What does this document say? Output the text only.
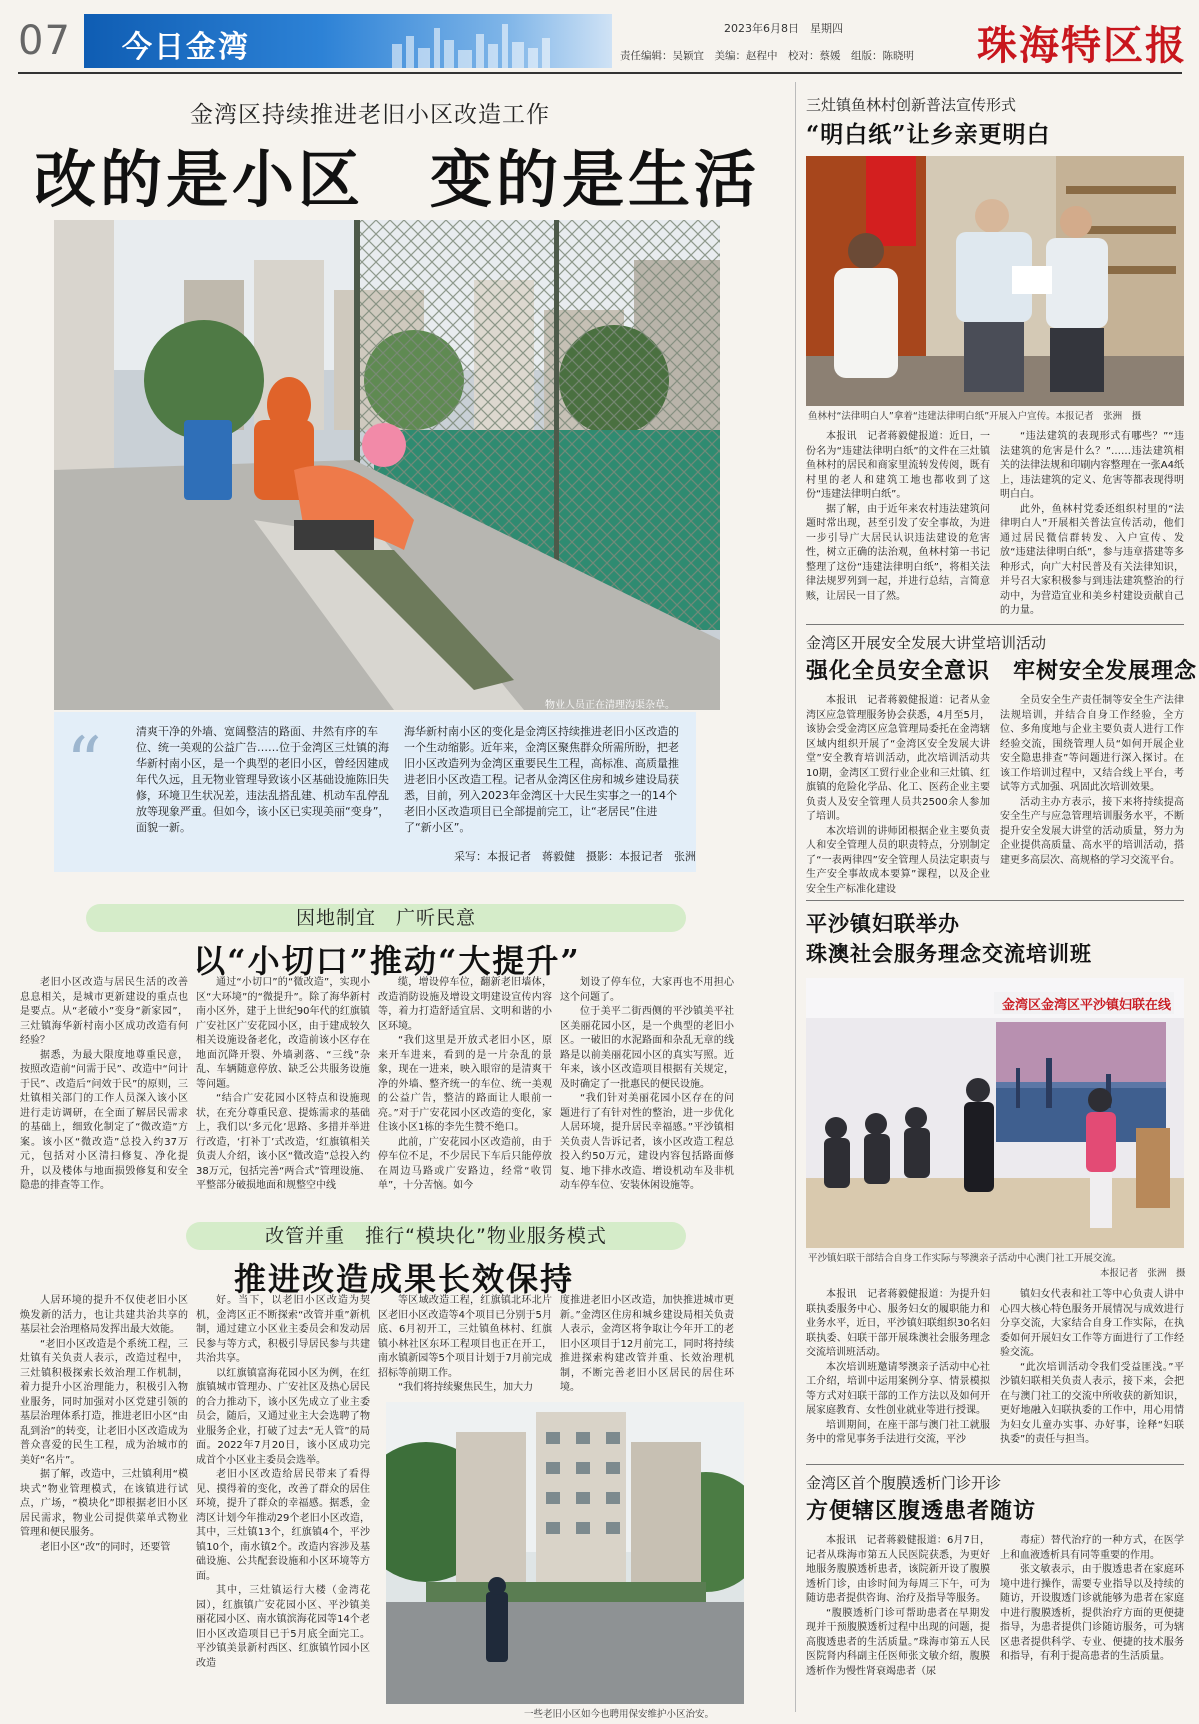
07 今日金湾
2023年6月8日　星期四
责任编辑：吴颖宜　美编：赵程中　校对：蔡媛　组版：陈晓明 珠海特区报
金湾区持续推进老旧小区改造工作
改的是小区　变的是生活
物业人员正在清理沟渠杂草。
“	清爽干净的外墙、宽阔整洁的路面、井然有序的车位、统一美观的公益广告……位于金湾区三灶镇的海华新村南小区，是一个典型的老旧小区，曾经因建成年代久远，且无物业管理导致该小区基础设施陈旧失修，环境卫生状况差，违法乱搭乱建、机动车乱停乱放等现象严重。但如今，该小区已实现美丽“变身”，面貌一新。
海华新村南小区的变化是金湾区持续推进老旧小区改造的一个生动缩影。近年来，金湾区聚焦群众所需所盼，把老旧小区改造列为金湾区重要民生工程，高标准、高质量推进老旧小区改造工程。记者从金湾区住房和城乡建设局获悉，目前，列入2023年金湾区十大民生实事之一的14个老旧小区改造项目已全部提前完工，让“老居民”住进了“新小区”。
采写：本报记者　蒋毅健　摄影：本报记者　张洲
因地制宜　广听民意
以“小切口”推动“大提升”
老旧小区改造与居民生活的改善息息相关，是城市更新建设的重点也是要点。从“老破小”变身“新家园”，三灶镇海华新村南小区成功改造有何经验？
据悉，为最大限度地尊重民意，按照改造前“问需于民”、改造中“问计于民”、改造后“问效于民”的原则，三灶镇相关部门的工作人员深入该小区进行走访调研，在全面了解居民需求的基础上，细致化制定了“微改造”方案。该小区“微改造”总投入约37万元，包括对小区清扫修复、净化提升，以及楼体与地面损毁修复和安全隐患的排查等工作。
通过“小切口”的“微改造”，实现小区“大环境”的“微提升”。除了海华新村南小区外，建于上世纪90年代的红旗镇广安社区广安花园小区，由于建成较久相关设施设备老化，改造前该小区存在地面沉降开裂、外墙剥落、“三线”杂乱、车辆随意停放、缺乏公共服务设施等问题。
“结合广安花园小区特点和设施现状，在充分尊重民意、提炼需求的基础上，我们以‘多元化’思路、多措并举进行改造，‘打补丁’式改造，‘红旗镇相关负责人介绍，该小区“微改造”总投入约38万元，包括完善“两合式”管理设施、平整部分破损地面和规整空中线
缆，增设停车位，翻新老旧墙体，改造消防设施及增设文明建设宣传内容等，着力打造舒适宜居、文明和谐的小区环境。
“我们这里是开放式老旧小区，原来开车进来，看到的是一片杂乱的景象，现在一进来，映入眼帘的是清爽干净的外墙、整齐统一的车位、统一美观的公益广告，整洁的路面让人眼前一亮。”对于广安花园小区改造的变化，家住该小区1栋的李先生赞不绝口。
此前，广安花园小区改造前，由于停车位不足，不少居民下车后只能停放在周边马路或广安路边，经常“收罚单”，十分苦恼。如今
划设了停车位，大家再也不用担心这个问题了。
位于美平二街西侧的平沙镇美平社区美丽花园小区，是一个典型的老旧小区。一破旧的水泥路面和杂乱无章的线路是以前美丽花园小区的真实写照。近年来，该小区改造项目根据有关规定，及时确定了一批惠民的便民设施。
“我们针对美丽花园小区存在的问题进行了有针对性的整治，进一步优化人居环境，提升居民幸福感。”平沙镇相关负责人告诉记者，该小区改造工程总投入约50万元，建设内容包括路面修复、地下排水改造、增设机动车及非机动车停车位、安装休闲设施等。
改管并重　推行“模块化”物业服务模式
推进改造成果长效保持
人居环境的提升不仅使老旧小区焕发新的活力，也让共建共治共享的基层社会治理格局发挥出最大效能。
“老旧小区改造是个系统工程，三灶镇有关负责人表示，改造过程中，三灶镇积极探索长效治理工作机制，着力提升小区治理能力，积极引入物业服务，同时加强对小区党建引领的基层治理体系打造，推进老旧小区“由乱到治”的转变，让老旧小区改造成为普众喜爱的民生工程，成为治城市的美好“名片”。
据了解，改造中，三灶镇利用“模块式”物业管理模式，在该镇进行试点，广场，“模块化”即根据老旧小区居民需求，物业公司提供菜单式物业管理和便民服务。
老旧小区“改”的同时，还要管
好。当下，以老旧小区改造为契机，金湾区正不断探索“改管并重”新机制，通过建立小区业主委员会和发动居民参与等方式，积极引导居民参与共建共治共享。
以红旗镇富海花园小区为例，在红旗镇城市管理办、广安社区及热心居民的合力推动下，该小区先成立了业主委员会，随后，又通过业主大会选聘了物业服务企业，打破了过去“无人管”的局面。2022年7月20日，该小区成功完成首个小区业主委员会选举。
老旧小区改造给居民带来了看得见、摸得着的变化，改善了群众的居住环境，提升了群众的幸福感。据悉，金湾区计划今年推动29个老旧小区改造，其中，三灶镇13个，红旗镇4个，平沙镇10个，南水镇2个。改造内容涉及基础设施、公共配套设施和小区环境等方面。
其中，三灶镇运行大楼（金湾花园），红旗镇广安花园小区、平沙镇美丽花园小区、南水镇滨海花园等14个老旧小区改造项目已于5月底全面完工。平沙镇美景新村西区、红旗镇竹园小区改造
等区域改造工程，红旗镇北环北片区老旧小区改造等4个项目已分别于5月底、6月初开工，三灶镇鱼林村、红旗镇小林社区东环工程项目也正在开工，南水镇新园等5个项目计划于7月前完成招标等前期工作。
“我们将持续聚焦民生，加大力
度推进老旧小区改造，加快推进城市更新。”金湾区住房和城乡建设局相关负责人表示，金湾区将争取让今年开工的老旧小区项目于12月前完工，同时将持续推进探索构建改管并重、长效治理机制，不断完善老旧小区居民的居住环境。
一些老旧小区如今也聘用保安维护小区治安。
三灶镇鱼林村创新普法宣传形式
“明白纸”让乡亲更明白
鱼林村“法律明白人”拿着“违建法律明白纸”开展入户宣传。本报记者　张洲　摄
本报讯　记者蒋毅健报道：近日，一份名为“违建法律明白纸”的文件在三灶镇鱼林村的居民和商家里流转发传阅，既有村里的老人和建筑工地也都收到了这份“违建法律明白纸”。
据了解，由于近年来农村违法建筑问题时常出现，甚至引发了安全事故，为进一步引导广大居民认识违法建设的危害性，树立正确的法治观，鱼林村第一书记整理了这份“违建法律明白纸”，将相关法律法规罗列到一起，并进行总结，言简意赅，让居民一目了然。
“违法建筑的表现形式有哪些？”“违法建筑的危害是什么？”……违法建筑相关的法律法规和印刷内容整理在一张A4纸上，违法建筑的定义、危害等都表现得明明白白。
此外，鱼林村党委还组织村里的“法律明白人”开展相关普法宣传活动，他们通过居民微信群转发、入户宣传、发放“违建法律明白纸”，参与违章搭建等多种形式，向广大村民普及有关法律知识，并号召大家积极参与到违法建筑整治的行动中，为营造宜业和美乡村建设贡献自己的力量。
金湾区开展安全发展大讲堂培训活动
强化全员安全意识　牢树安全发展理念
本报讯　记者蒋毅健报道：记者从金湾区应急管理服务协会获悉，4月至5月，该协会受金湾区应急管理局委托在金湾辖区域内组织开展了“金湾区安全发展大讲堂”安全教育培训活动，此次培训活动共10期，金湾区工贸行业企业和三灶镇、红旗镇的危险化学品、化工、医药企业主要负责人及安全管理人员共2500余人参加了培训。
本次培训的讲师团根据企业主要负责人和安全管理人员的职责特点，分别制定了“一表两律四”安全管理人员法定职责与生产安全事故成本要算”课程，以及企业安全生产标准化建设
全员安全生产责任制等安全生产法律法规培训，并结合自身工作经验，全方位、多角度地与企业主要负责人进行工作经验交流，围绕管理人员“如何开展企业安全隐患排查”等问题进行深入探讨。在该工作培训过程中，又结合线上平台，考试等方式加强、巩固此次培训效果。
活动主办方表示，接下来将持续提高安全生产与应急管理培训服务水平，不断提升安全发展大讲堂的活动质量，努力为企业提供高质量、高水平的培训活动，搭建更多高层次、高规格的学习交流平台。
平沙镇妇联举办
珠澳社会服务理念交流培训班
金湾区金湾区平沙镇妇联在线
平沙镇妇联干部结合自身工作实际与琴澳亲子活动中心澳门社工开展交流。
本报记者　张洲　摄
本报讯　记者蒋毅健报道：为提升妇联执委服务中心、服务妇女的履职能力和业务水平，近日，平沙镇妇联组织30名妇联执委、妇联干部开展珠澳社会服务理念交流培训班活动。
本次培训班邀请琴澳亲子活动中心社工介绍，培训中运用案例分享、情景模拟等方式对妇联干部的工作方法以及如何开展家庭教育、女性创业就业等进行授课。
培训期间，在座干部与澳门社工就服务中的常见事务手法进行交流，平沙
镇妇女代表和社工等中心负责人讲中心四大核心特色服务开展情况与成效进行分享交流，大家结合自身工作实际，在执委如何开展妇女工作等方面进行了工作经验交流。
“此次培训活动令我们受益匪浅。”平沙镇妇联相关负责人表示，接下来，会把在与澳门社工的交流中所收获的新知识，更好地融入妇联执委的工作中，用心用情为妇女儿童办实事、办好事，诠释“妇联执委”的责任与担当。
金湾区首个腹膜透析门诊开诊
方便辖区腹透患者随访
本报讯　记者蒋毅健报道：6月7日，记者从珠海市第五人民医院获悉，为更好地服务腹膜透析患者，该院新开设了腹膜透析门诊，由诊时间为每周三下午，可为随访患者提供咨询、治疗及指导等服务。
“腹膜透析门诊可帮助患者在早期发现并干预腹膜透析过程中出现的问题，提高腹透患者的生活质量。”珠海市第五人民医院肾内科副主任医师张文敏介绍，腹膜透析作为慢性肾衰竭患者（尿
毒症）替代治疗的一种方式，在医学上和血液透析具有同等重要的作用。
张文敏表示，由于腹透患者在家庭环境中进行操作，需要专业指导以及持续的随访，开设腹透门诊就能够为患者在家庭中进行腹膜透析，提供治疗方面的更便捷指导，为患者提供门诊随访服务，可为辖区患者提供科学、专业、便捷的技术服务和指导，有利于提高患者的生活质量。
